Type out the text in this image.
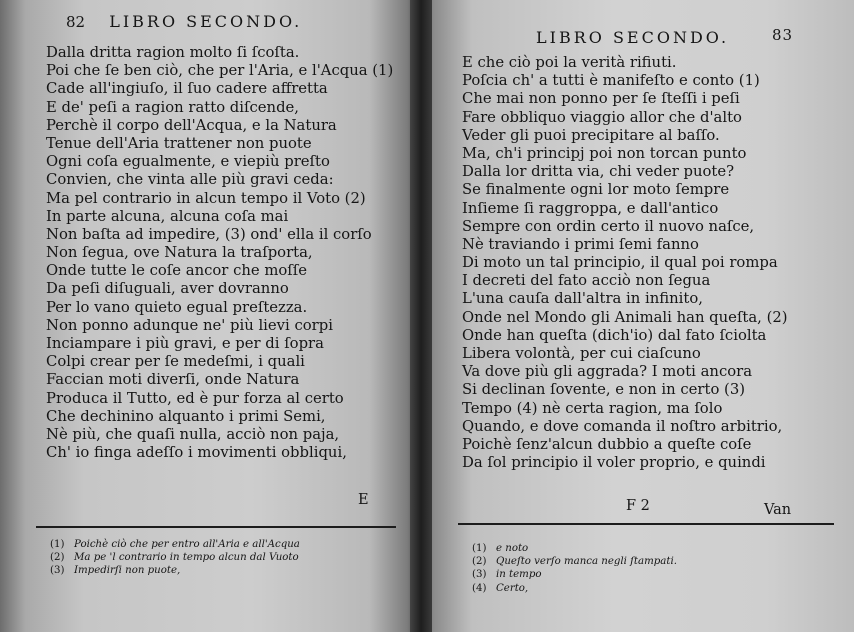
82 LIBRO SECONDO.
Dalla dritta ragion molto ſi ſcoſta.
Poi che ſe ben ciò, che per l'Aria, e l'Acqua (1)
Cade all'ingiuſo, il ſuo cadere affretta
E de' peſi a ragion ratto diſcende,
Perchè il corpo dell'Acqua, e la Natura
Tenue dell'Aria trattener non puote
Ogni coſa egualmente, e viepiù preſto
Convien, che vinta alle più gravi ceda:
Ma pel contrario in alcun tempo il Voto (2)
In parte alcuna, alcuna coſa mai
Non baſta ad impedire, (3) ond' ella il corſo
Non ſegua, ove Natura la traſporta,
Onde tutte le coſe ancor che moſſe
Da peſi diſuguali, aver dovranno
Per lo vano quieto egual preſtezza.
Non ponno adunque ne' più lievi corpi
Inciampare i più gravi, e per di ſopra
Colpi crear per ſe medeſmi, i quali
Faccian moti diverſi, onde Natura
Produca il Tutto, ed è pur forza al certo
Che dechinino alquanto i primi Semi,
Nè più, che quaſi nulla, acciò non paja,
Ch' io finga adeſſo i movimenti obbliqui,
E
(1) Poichè ciò che per entro all'Aria e all'Acqua
(2) Ma pe 'l contrario in tempo alcun dal Vuoto
(3) Impedirſi non puote,
LIBRO SECONDO.	83
E che ciò poi la verità rifiuti.
Poſcia ch' a tutti è manifeſto e conto (1)
Che mai non ponno per ſe ſteſſi i peſi
Fare obbliquo viaggio allor che d'alto
Veder gli puoi precipitare al baſſo.
Ma, ch'i principj poi non torcan punto
Dalla lor dritta via, chi veder puote?
Se finalmente ogni lor moto ſempre
Inſieme ſi raggroppa, e dall'antico
Sempre con ordin certo il nuovo naſce,
Nè traviando i primi ſemi fanno
Di moto un tal principio, il qual poi rompa
I decreti del fato acciò non ſegua
L'una cauſa dall'altra in infinito,
Onde nel Mondo gli Animali han queſta, (2)
Onde han queſta (dich'io) dal fato ſciolta
Libera volontà, per cui ciaſcuno
Va dove più gli aggrada? I moti ancora
Si declinan ſovente, e non in certo (3)
Tempo (4) nè certa ragion, ma ſolo
Quando, e dove comanda il noſtro arbitrio,
Poichè ſenz'alcun dubbio a queſte coſe
Da ſol principio il voler proprio, e quindi
F 2	Van
(1) e noto
(2) Queſto verſo manca negli ſtampati.
(3) in tempo
(4) Certo,
